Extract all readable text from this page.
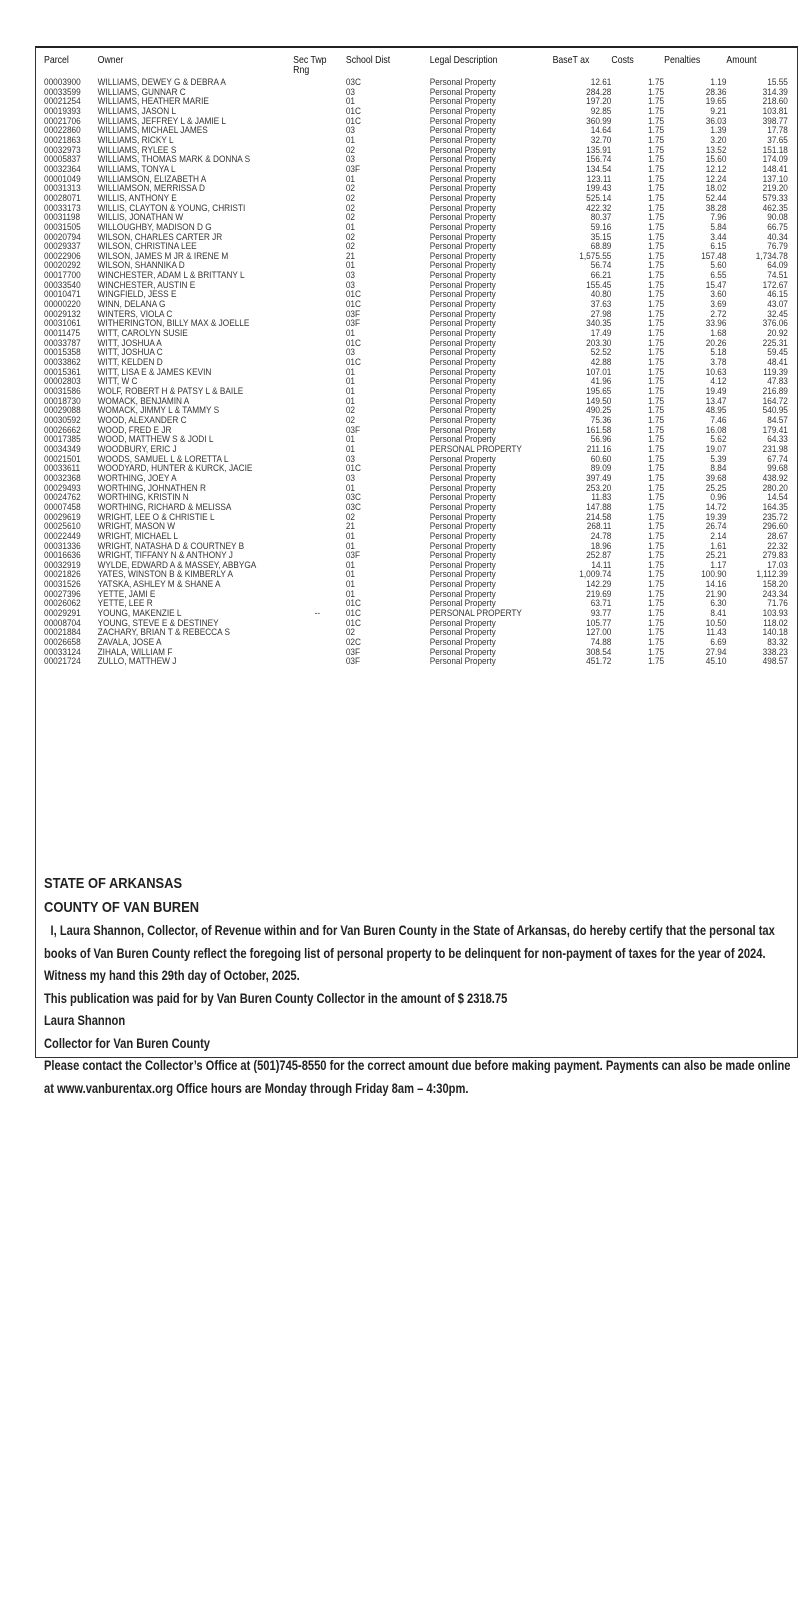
Parcel	Owner	Sec Twp Rng	School Dist	Legal Description	BaseT ax	Costs	Penalties	Amount
00003900	WILLIAMS, DEWEY G & DEBRA A		03C	Personal Property	12.61	1.75	1.19	15.55
00033599	WILLIAMS, GUNNAR C		03	Personal Property	284.28	1.75	28.36	314.39
00021254	WILLIAMS, HEATHER MARIE		01	Personal Property	197.20	1.75	19.65	218.60
00019393	WILLIAMS, JASON L		01C	Personal Property	92.85	1.75	9.21	103.81
00021706	WILLIAMS, JEFFREY L & JAMIE L		01C	Personal Property	360.99	1.75	36.03	398.77
00022860	WILLIAMS, MICHAEL JAMES		03	Personal Property	14.64	1.75	1.39	17.78
00021863	WILLIAMS, RICKY L		01	Personal Property	32.70	1.75	3.20	37.65
00032973	WILLIAMS, RYLEE S		02	Personal Property	135.91	1.75	13.52	151.18
00005837	WILLIAMS, THOMAS MARK & DONNA S		03	Personal Property	156.74	1.75	15.60	174.09
00032364	WILLIAMS, TONYA L		03F	Personal Property	134.54	1.75	12.12	148.41
00001049	WILLIAMSON, ELIZABETH A		01	Personal Property	123.11	1.75	12.24	137.10
00031313	WILLIAMSON, MERRISSA D		02	Personal Property	199.43	1.75	18.02	219.20
00028071	WILLIS, ANTHONY E		02	Personal Property	525.14	1.75	52.44	579.33
00033173	WILLIS, CLAYTON & YOUNG, CHRISTI		02	Personal Property	422.32	1.75	38.28	462.35
00031198	WILLIS, JONATHAN W		02	Personal Property	80.37	1.75	7.96	90.08
00031505	WILLOUGHBY, MADISON D G		01	Personal Property	59.16	1.75	5.84	66.75
00020794	WILSON, CHARLES CARTER JR		02	Personal Property	35.15	1.75	3.44	40.34
00029337	WILSON, CHRISTINA LEE		02	Personal Property	68.89	1.75	6.15	76.79
00022906	WILSON, JAMES M JR & IRENE M		21	Personal Property	1,575.55	1.75	157.48	1,734.78
00020292	WILSON, SHANNIKA D		01	Personal Property	56.74	1.75	5.60	64.09
00017700	WINCHESTER, ADAM L & BRITTANY L		03	Personal Property	66.21	1.75	6.55	74.51
00033540	WINCHESTER, AUSTIN E		03	Personal Property	155.45	1.75	15.47	172.67
00010471	WINGFIELD, JESS E		01C	Personal Property	40.80	1.75	3.60	46.15
00000220	WINN, DELANA G		01C	Personal Property	37.63	1.75	3.69	43.07
00029132	WINTERS, VIOLA C		03F	Personal Property	27.98	1.75	2.72	32.45
00031061	WITHERINGTON, BILLY MAX & JOELLE		03F	Personal Property	340.35	1.75	33.96	376.06
00011475	WITT, CAROLYN SUSIE		01	Personal Property	17.49	1.75	1.68	20.92
00033787	WITT, JOSHUA A		01C	Personal Property	203.30	1.75	20.26	225.31
00015358	WITT, JOSHUA C		03	Personal Property	52.52	1.75	5.18	59.45
00033862	WITT, KELDEN D		01C	Personal Property	42.88	1.75	3.78	48.41
00015361	WITT, LISA E & JAMES KEVIN		01	Personal Property	107.01	1.75	10.63	119.39
00002803	WITT, W C		01	Personal Property	41.96	1.75	4.12	47.83
00031586	WOLF, ROBERT H & PATSY L & BAILE		01	Personal Property	195.65	1.75	19.49	216.89
00018730	WOMACK, BENJAMIN A		01	Personal Property	149.50	1.75	13.47	164.72
00029088	WOMACK, JIMMY L & TAMMY S		02	Personal Property	490.25	1.75	48.95	540.95
00030592	WOOD, ALEXANDER C		02	Personal Property	75.36	1.75	7.46	84.57
00026662	WOOD, FRED E JR		03F	Personal Property	161.58	1.75	16.08	179.41
00017385	WOOD, MATTHEW S & JODI L		01	Personal Property	56.96	1.75	5.62	64.33
00034349	WOODBURY, ERIC J		01	PERSONAL PROPERTY	211.16	1.75	19.07	231.98
00021501	WOODS, SAMUEL L & LORETTA L		03	Personal Property	60.60	1.75	5.39	67.74
00033611	WOODYARD, HUNTER & KURCK, JACIE		01C	Personal Property	89.09	1.75	8.84	99.68
00032368	WORTHING, JOEY A		03	Personal Property	397.49	1.75	39.68	438.92
00029493	WORTHING, JOHNATHEN R		01	Personal Property	253.20	1.75	25.25	280.20
00024762	WORTHING, KRISTIN N		03C	Personal Property	11.83	1.75	0.96	14.54
00007458	WORTHING, RICHARD & MELISSA		03C	Personal Property	147.88	1.75	14.72	164.35
00029619	WRIGHT, LEE O & CHRISTIE L		02	Personal Property	214.58	1.75	19.39	235.72
00025610	WRIGHT, MASON W		21	Personal Property	268.11	1.75	26.74	296.60
00022449	WRIGHT, MICHAEL L		01	Personal Property	24.78	1.75	2.14	28.67
00031336	WRIGHT, NATASHA D & COURTNEY B		01	Personal Property	18.96	1.75	1.61	22.32
00016636	WRIGHT, TIFFANY N & ANTHONY J		03F	Personal Property	252.87	1.75	25.21	279.83
00032919	WYLDE, EDWARD A & MASSEY, ABBYGA		01	Personal Property	14.11	1.75	1.17	17.03
00021826	YATES, WINSTON B & KIMBERLY A		01	Personal Property	1,009.74	1.75	100.90	1,112.39
00031526	YATSKA, ASHLEY M & SHANE A		01	Personal Property	142.29	1.75	14.16	158.20
00027396	YETTE, JAMI E		01	Personal Property	219.69	1.75	21.90	243.34
00026062	YETTE, LEE R		01C	Personal Property	63.71	1.75	6.30	71.76
00029291	YOUNG, MAKENZIE L	--	01C	PERSONAL PROPERTY	93.77	1.75	8.41	103.93
00008704	YOUNG, STEVE E & DESTINEY		01C	Personal Property	105.77	1.75	10.50	118.02
00021884	ZACHARY, BRIAN T & REBECCA S		02	Personal Property	127.00	1.75	11.43	140.18
00026658	ZAVALA, JOSE A		02C	Personal Property	74.88	1.75	6.69	83.32
00033124	ZIHALA, WILLIAM F		03F	Personal Property	308.54	1.75	27.94	338.23
00021724	ZULLO, MATTHEW J		03F	Personal Property	451.72	1.75	45.10	498.57
STATE OF ARKANSAS
COUNTY OF VAN BUREN
I, Laura Shannon, Collector, of Revenue within and for Van Buren County in the State of Arkansas, do hereby certify that the personal tax books of Van Buren County reflect the foregoing list of personal property to be delinquent for non-payment of taxes for the year of 2024. Witness my hand this 29th day of October, 2025.
This publication was paid for by Van Buren County Collector in the amount of $ 2318.75
Laura Shannon
Collector for Van Buren County
Please contact the Collector’s Office at (501)745-8550 for the correct amount due before making payment. Payments can also be made online at www.vanburentax.org Office hours are Monday through Friday 8am – 4:30pm.
